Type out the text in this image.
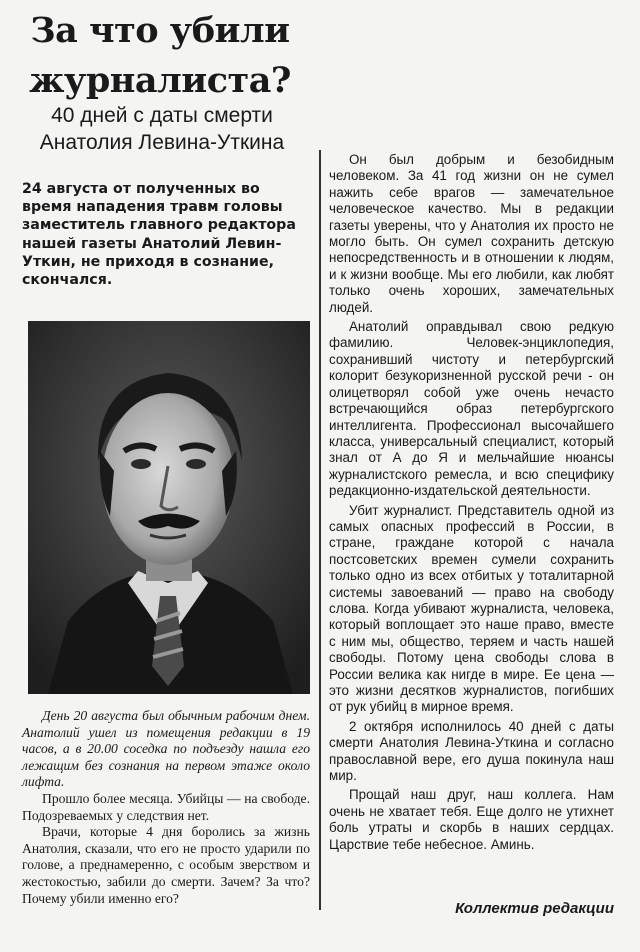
За что убили журналиста?
40 дней с даты смерти
Анатолия Левина-Уткина

24 августа от полученных во время нападения травм головы заместитель главного редактора нашей газеты Анатолий Левин-Уткин, не приходя в сознание, скончался.

День 20 августа был обычным рабочим днем. Анатолий ушел из помещения редакции в 19 часов, а в 20.00 соседка по подъезду нашла его лежащим без сознания на первом этаже около лифта.

Прошло более месяца. Убийцы — на свободе. Подозреваемых у следствия нет.

Врачи, которые 4 дня боролись за жизнь Анатолия, сказали, что его не просто ударили по голове, а преднамеренно, с особым зверством и жестокостью, забили до смерти. Зачем? За что? Почему убили именно его?

Он был добрым и безобидным человеком. За 41 год жизни он не сумел нажить себе врагов — замечательное человеческое качество. Мы в редакции газеты уверены, что у Анатолия их просто не могло быть. Он сумел сохранить детскую непосредственность и в отношении к людям, и к жизни вообще. Мы его любили, как любят только очень хороших, замечательных людей.

Анатолий оправдывал свою редкую фамилию. Человек-энциклопедия, сохранивший чистоту и петербургский колорит безукоризненной русской речи - он олицетворял собой уже очень нечасто встречающийся образ петербургского интеллигента. Профессионал высочайшего класса, универсальный специалист, который знал от А до Я и мельчайшие нюансы журналистского ремесла, и всю специфику редакционно-издательской деятельности.

Убит журналист. Представитель одной из самых опасных профессий в России, в стране, граждане которой с начала постсоветских времен сумели сохранить только одно из всех отбитых у тоталитарной системы завоеваний — право на свободу слова. Когда убивают журналиста, человека, который воплощает это наше право, вместе с ним мы, общество, теряем и часть нашей свободы. Потому цена свободы слова в России велика как нигде в мире. Ее цена — это жизни десятков журналистов, погибших от рук убийц в мирное время.

2 октября исполнилось 40 дней с даты смерти Анатолия Левина-Уткина и согласно православной вере, его душа покинула наш мир.

Прощай наш друг, наш коллега. Нам очень не хватает тебя. Еще долго не утихнет боль утраты и скорбь в наших сердцах. Царствие тебе небесное. Аминь.

Коллектив редакции
